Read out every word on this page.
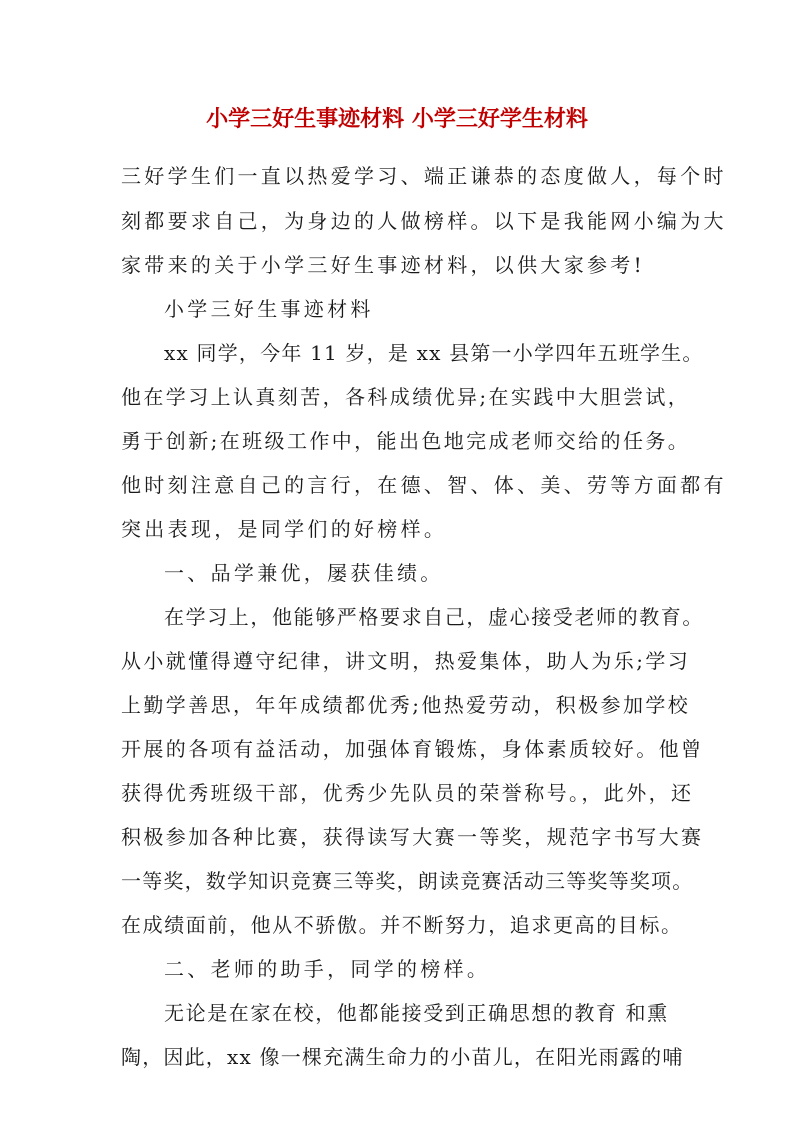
小学三好生事迹材料 小学三好学生材料
三好学生们一直以热爱学习、端正谦恭的态度做人，每个时
刻都要求自己，为身边的人做榜样。以下是我能网小编为大
家带来的关于小学三好生事迹材料，以供大家参考!
小学三好生事迹材料
xx 同学，今年 11 岁，是 xx 县第一小学四年五班学生。
他在学习上认真刻苦，各科成绩优异;在实践中大胆尝试，
勇于创新;在班级工作中，能出色地完成老师交给的任务。
他时刻注意自己的言行，在德、智、体、美、劳等方面都有
突出表现，是同学们的好榜样。
一、品学兼优，屡获佳绩。
在学习上，他能够严格要求自己，虚心接受老师的教育。
从小就懂得遵守纪律，讲文明，热爱集体，助人为乐;学习
上勤学善思，年年成绩都优秀;他热爱劳动，积极参加学校
开展的各项有益活动，加强体育锻炼，身体素质较好。他曾
获得优秀班级干部，优秀少先队员的荣誉称号。，此外，还
积极参加各种比赛，获得读写大赛一等奖，规范字书写大赛
一等奖，数学知识竞赛三等奖，朗读竞赛活动三等奖等奖项。
在成绩面前，他从不骄傲。并不断努力，追求更高的目标。
二、老师的助手，同学的榜样。
无论是在家在校，他都能接受到正确思想的教育 和熏
陶，因此，xx 像一棵充满生命力的小苗儿，在阳光雨露的哺
